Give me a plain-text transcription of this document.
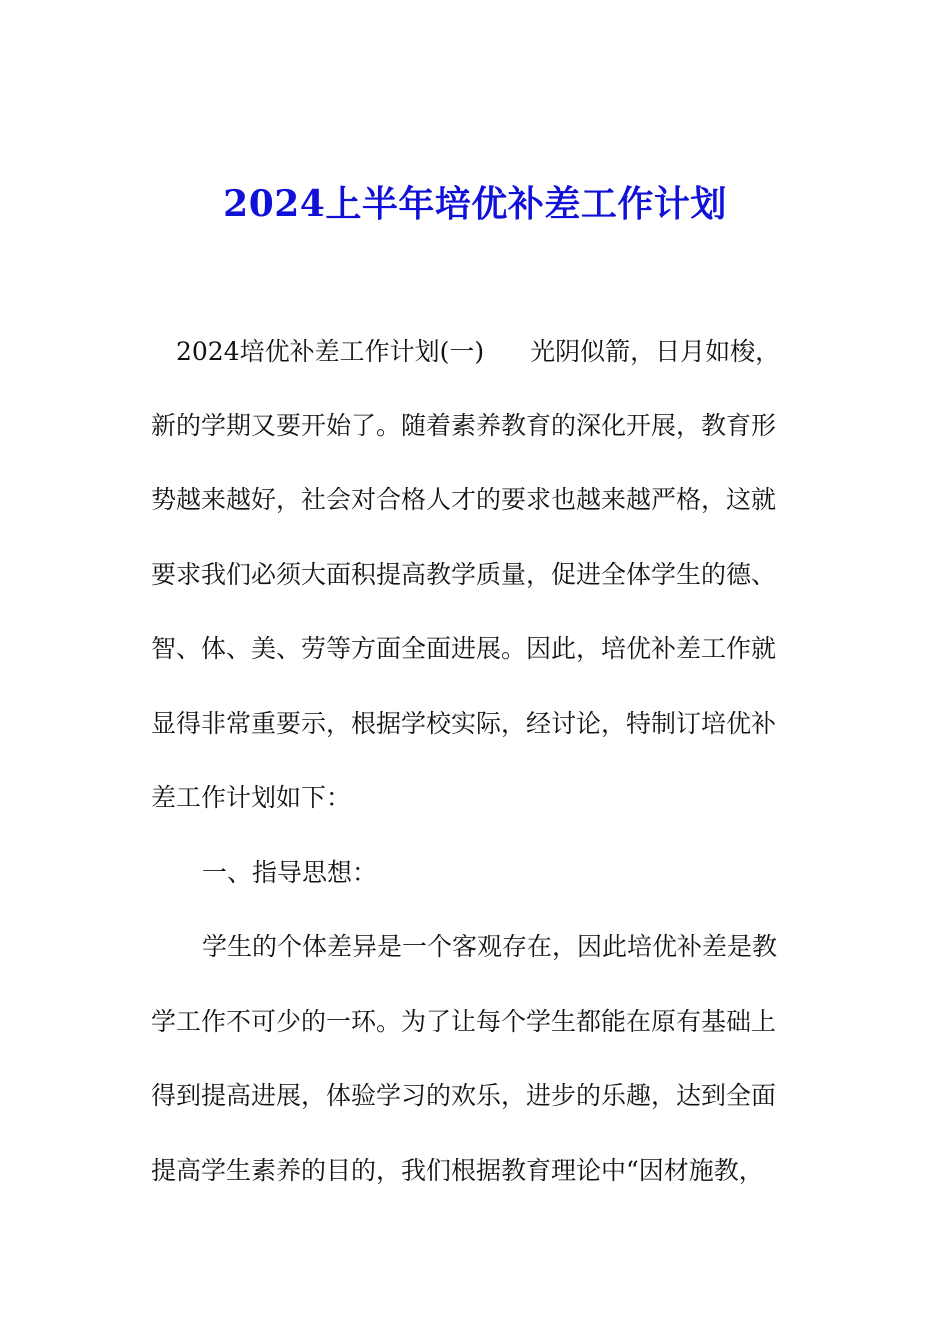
2024上半年培优补差工作计划
2024培优补差工作计划(一) 光阴似箭，日月如梭，
新的学期又要开始了。随着素养教育的深化开展，教育形
势越来越好，社会对合格人才的要求也越来越严格，这就
要求我们必须大面积提高教学质量，促进全体学生的德、
智、体、美、劳等方面全面进展。因此，培优补差工作就
显得非常重要示，根据学校实际，经讨论，特制订培优补
差工作计划如下：
一、指导思想：
学生的个体差异是一个客观存在，因此培优补差是教
学工作不可少的一环。为了让每个学生都能在原有基础上
得到提高进展，体验学习的欢乐，进步的乐趣，达到全面
提高学生素养的目的，我们根据教育理论中“因材施教，
